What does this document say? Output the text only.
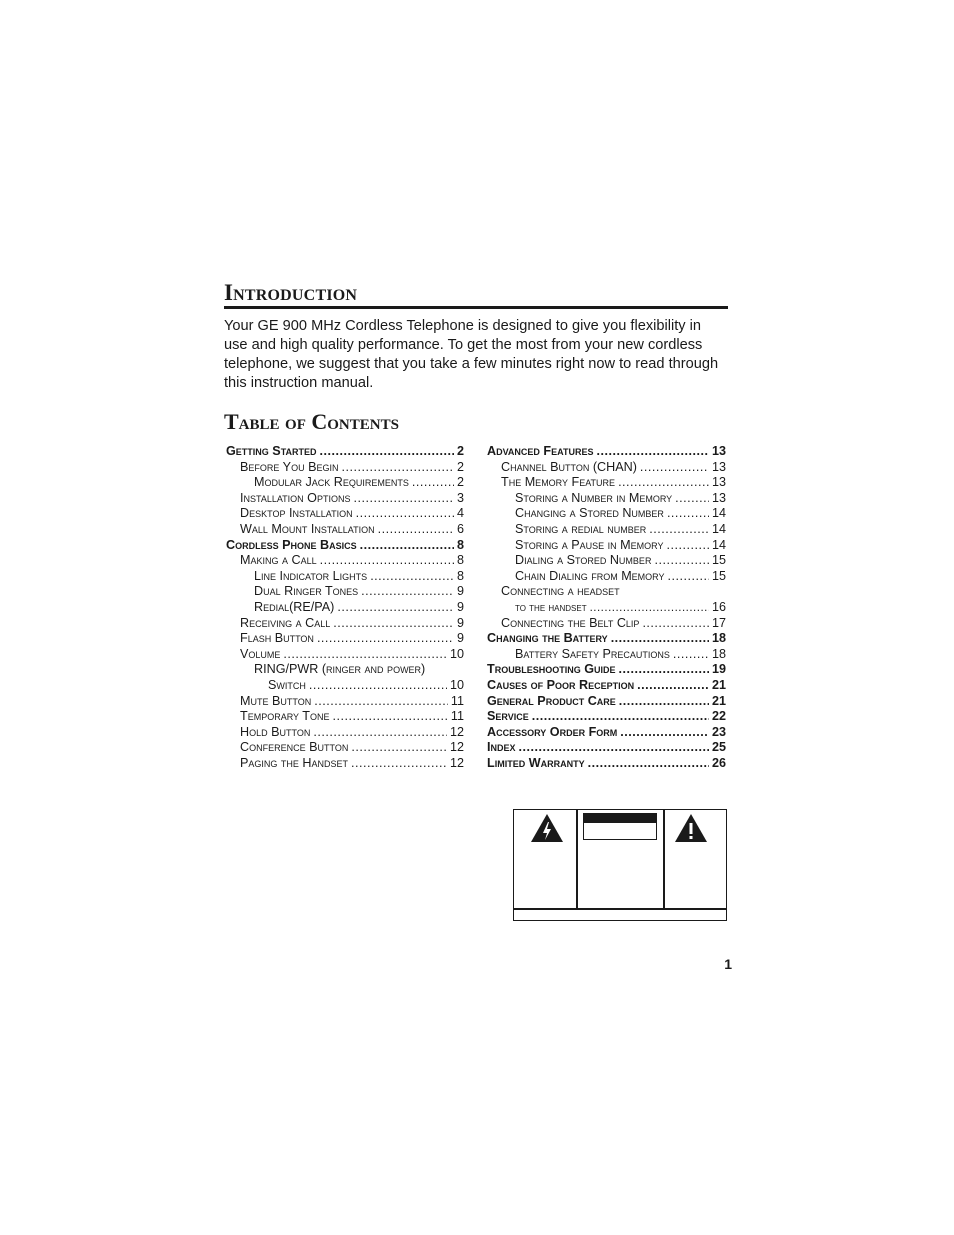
Introduction

Your GE 900 MHz Cordless Telephone is designed to give you flexibility in use and high quality performance. To get the most from your new cordless telephone, we suggest that you take a few minutes right now to read through this instruction manual.

Table of Contents
Getting Started .....	2
Before You Begin .....	2
Modular Jack Requirements .....	2
Installation Options .....	3
Desktop Installation .....	4
Wall Mount Installation .....	6
Cordless Phone Basics .....	8
Making a Call .....	8
Line Indicator Lights .....	8
Dual Ringer Tones .....	9
Redial(RE/PA) .....	9
Receiving a Call .....	9
Flash Button .....	9
Volume .....	10
RING/PWR (ringer and power)
Switch .....	10
Mute Button .....	11
Temporary Tone .....	11
Hold Button .....	12
Conference Button .....	12
Paging the Handset .....	12
Advanced Features .....	13
Channel Button (CHAN) .....	13
The Memory Feature .....	13
Storing a Number in Memory .....	13
Changing a Stored Number .....	14
Storing a redial number .....	14
Storing a Pause in Memory .....	14
Dialing a Stored Number .....	15
Chain Dialing from Memory .....	15
Connecting a headset
to the handset .....	16
Connecting the Belt Clip .....	17
Changing the Battery .....	18
Battery Safety Precautions .....	18
Troubleshooting Guide .....	19
Causes of Poor Reception .....	21
General Product Care .....	21
Service .....	22
Accessory Order Form .....	23
Index .....	25
Limited Warranty .....	26

1
